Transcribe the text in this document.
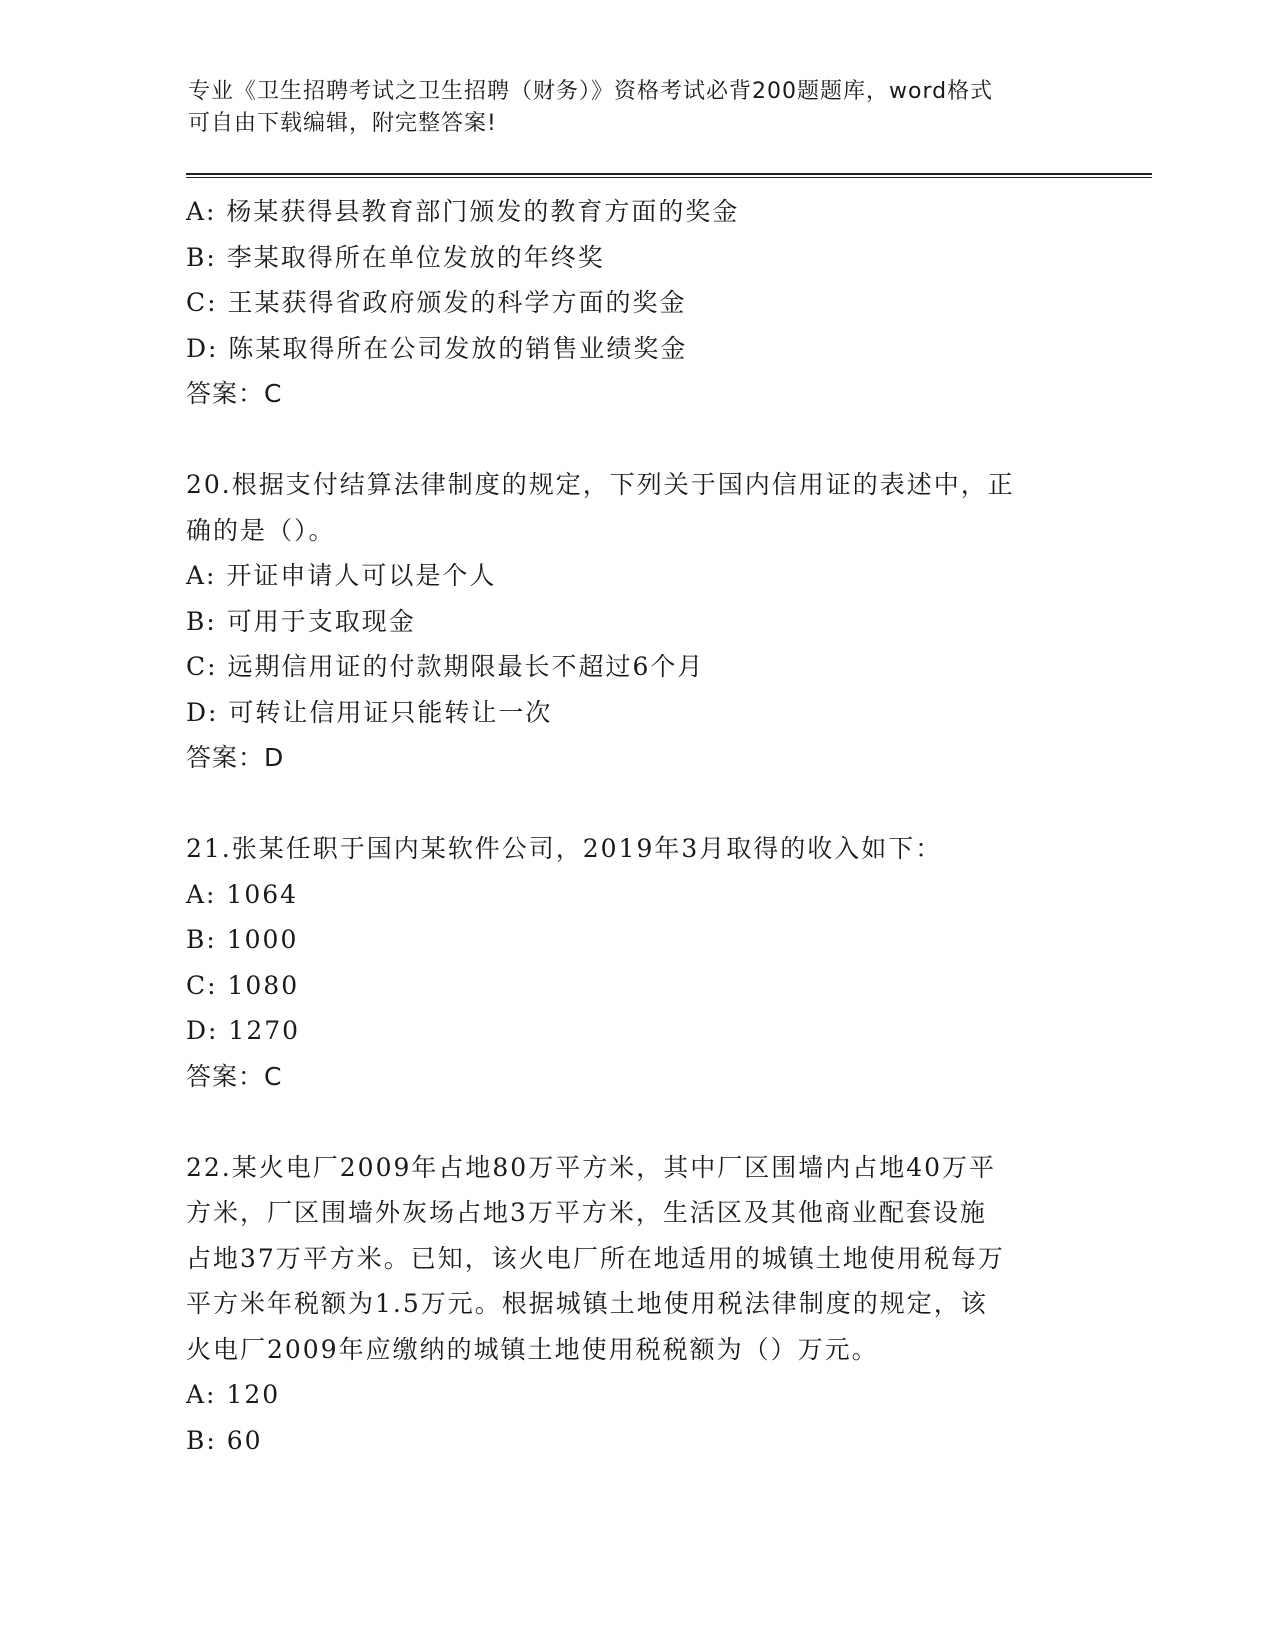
专业《卫生招聘考试之卫生招聘（财务）》资格考试必背200题题库，word格式
可自由下载编辑，附完整答案!
A: 杨某获得县教育部门颁发的教育方面的奖金
B: 李某取得所在单位发放的年终奖
C: 王某获得省政府颁发的科学方面的奖金
D: 陈某取得所在公司发放的销售业绩奖金
答案：C
20.根据支付结算法律制度的规定，下列关于国内信用证的表述中，正
确的是（）。
A: 开证申请人可以是个人
B: 可用于支取现金
C: 远期信用证的付款期限最长不超过6个月
D: 可转让信用证只能转让一次
答案：D
21.张某任职于国内某软件公司，2019年3月取得的收入如下：
A: 1064
B: 1000
C: 1080
D: 1270
答案：C
22.某火电厂2009年占地80万平方米，其中厂区围墙内占地40万平
方米，厂区围墙外灰场占地3万平方米，生活区及其他商业配套设施
占地37万平方米。已知，该火电厂所在地适用的城镇土地使用税每万
平方米年税额为1.5万元。根据城镇土地使用税法律制度的规定，该
火电厂2009年应缴纳的城镇土地使用税税额为（）万元。
A: 120
B: 60
